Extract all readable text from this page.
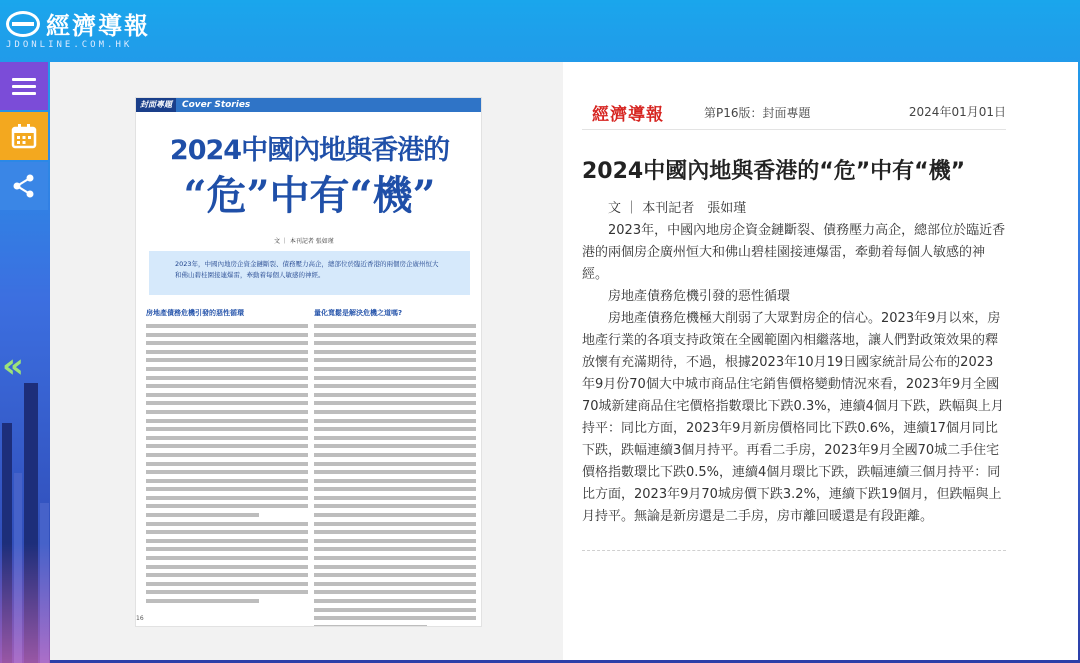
經濟導報
JDONLINE.COM.HK
«
封面專題	Cover Stories
2024中國內地與香港的
“危”中有“機”
文 ｜ 本刊記者 張如瑾
2023年，中國內地房企資金鏈斷裂、債務壓力高企，總部位於臨近香港的兩個房企廣州恒大和佛山碧桂園接連爆雷，牽動着每個人敏感的神經。
房地產債務危機引發的惡性循環	量化寬鬆是解決危機之道嗎?
16
經濟導報	第P16版：封面專題	2024年01月01日
2024中國內地與香港的“危”中有“機”

文 ｜ 本刊記者　張如瑾

2023年，中國內地房企資金鏈斷裂、債務壓力高企，總部位於臨近香港的兩個房企廣州恒大和佛山碧桂園接連爆雷，牽動着每個人敏感的神經。

房地產債務危機引發的惡性循環

房地產債務危機極大削弱了大眾對房企的信心。2023年9月以來，房地產行業的各項支持政策在全國範圍內相繼落地，讓人們對政策效果的釋放懷有充滿期待，不過，根據2023年10月19日國家統計局公布的2023年9月份70個大中城市商品住宅銷售價格變動情況來看，2023年9月全國70城新建商品住宅價格指數環比下跌0.3%，連續4個月下跌，跌幅與上月持平：同比方面，2023年9月新房價格同比下跌0.6%，連續17個月同比下跌，跌幅連續3個月持平。再看二手房，2023年9月全國70城二手住宅價格指數環比下跌0.5%，連續4個月環比下跌，跌幅連續三個月持平：同比方面，2023年9月70城房價下跌3.2%，連續下跌19個月，但跌幅與上月持平。無論是新房還是二手房，房市離回暖還是有段距離。
